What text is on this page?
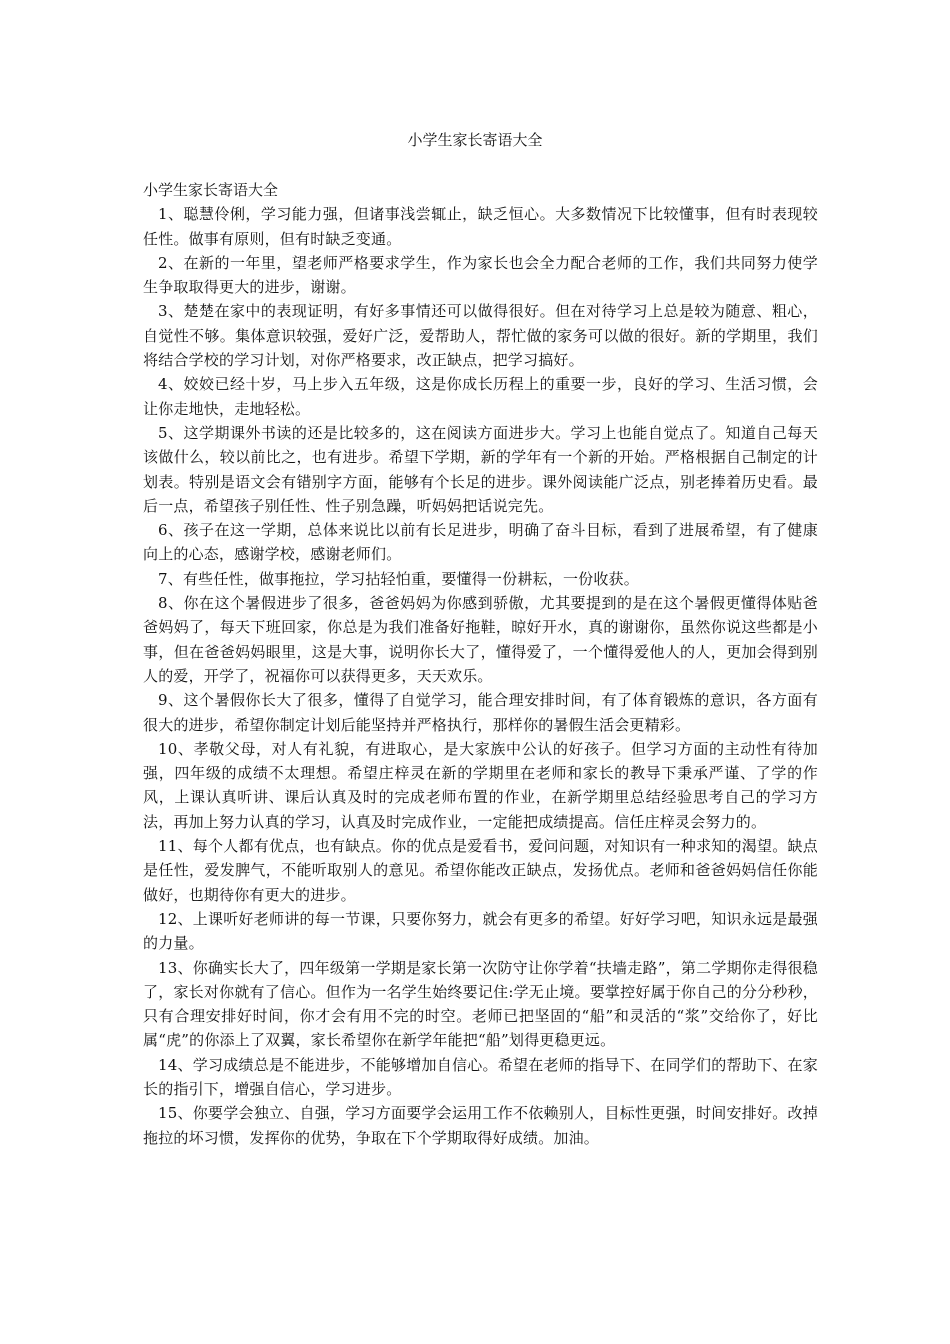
小学生家长寄语大全

小学生家长寄语大全

1、聪慧伶俐，学习能力强，但诸事浅尝辄止，缺乏恒心。大多数情况下比较懂事，但有时表现较任性。做事有原则，但有时缺乏变通。

2、在新的一年里，望老师严格要求学生，作为家长也会全力配合老师的工作，我们共同努力使学生争取取得更大的进步，谢谢。

3、楚楚在家中的表现证明，有好多事情还可以做得很好。但在对待学习上总是较为随意、粗心，自觉性不够。集体意识较强，爱好广泛，爱帮助人，帮忙做的家务可以做的很好。新的学期里，我们将结合学校的学习计划，对你严格要求，改正缺点，把学习搞好。

4、姣姣已经十岁，马上步入五年级，这是你成长历程上的重要一步，良好的学习、生活习惯，会让你走地快，走地轻松。

5、这学期课外书读的还是比较多的，这在阅读方面进步大。学习上也能自觉点了。知道自己每天该做什么，较以前比之，也有进步。希望下学期，新的学年有一个新的开始。严格根据自己制定的计划表。特别是语文会有错别字方面，能够有个长足的进步。课外阅读能广泛点，别老捧着历史看。最后一点，希望孩子别任性、性子别急躁，听妈妈把话说完先。

6、孩子在这一学期，总体来说比以前有长足进步，明确了奋斗目标，看到了进展希望，有了健康向上的心态，感谢学校，感谢老师们。

7、有些任性，做事拖拉，学习拈轻怕重，要懂得一份耕耘，一份收获。

8、你在这个暑假进步了很多，爸爸妈妈为你感到骄傲，尤其要提到的是在这个暑假更懂得体贴爸爸妈妈了，每天下班回家，你总是为我们准备好拖鞋，晾好开水，真的谢谢你，虽然你说这些都是小事，但在爸爸妈妈眼里，这是大事，说明你长大了，懂得爱了，一个懂得爱他人的人，更加会得到别人的爱，开学了，祝福你可以获得更多，天天欢乐。

9、这个暑假你长大了很多，懂得了自觉学习，能合理安排时间，有了体育锻炼的意识，各方面有很大的进步，希望你制定计划后能坚持并严格执行，那样你的暑假生活会更精彩。

10、孝敬父母，对人有礼貌，有进取心，是大家族中公认的好孩子。但学习方面的主动性有待加强，四年级的成绩不太理想。希望庄梓灵在新的学期里在老师和家长的教导下秉承严谨、了学的作风，上课认真听讲、课后认真及时的完成老师布置的作业，在新学期里总结经验思考自己的学习方法，再加上努力认真的学习，认真及时完成作业，一定能把成绩提高。信任庄梓灵会努力的。

11、每个人都有优点，也有缺点。你的优点是爱看书，爱问问题，对知识有一种求知的渴望。缺点是任性，爱发脾气，不能听取别人的意见。希望你能改正缺点，发扬优点。老师和爸爸妈妈信任你能做好，也期待你有更大的进步。

12、上课听好老师讲的每一节课，只要你努力，就会有更多的希望。好好学习吧，知识永远是最强的力量。

13、你确实长大了，四年级第一学期是家长第一次防守让你学着“扶墙走路”，第二学期你走得很稳了，家长对你就有了信心。但作为一名学生始终要记住:学无止境。要掌控好属于你自己的分分秒秒，只有合理安排好时间，你才会有用不完的时空。老师已把坚固的“船”和灵活的“浆”交给你了，好比属“虎”的你添上了双翼，家长希望你在新学年能把“船”划得更稳更远。

14、学习成绩总是不能进步，不能够增加自信心。希望在老师的指导下、在同学们的帮助下、在家长的指引下，增强自信心，学习进步。

15、你要学会独立、自强，学习方面要学会运用工作不依赖别人，目标性更强，时间安排好。改掉拖拉的坏习惯，发挥你的优势，争取在下个学期取得好成绩。加油。
